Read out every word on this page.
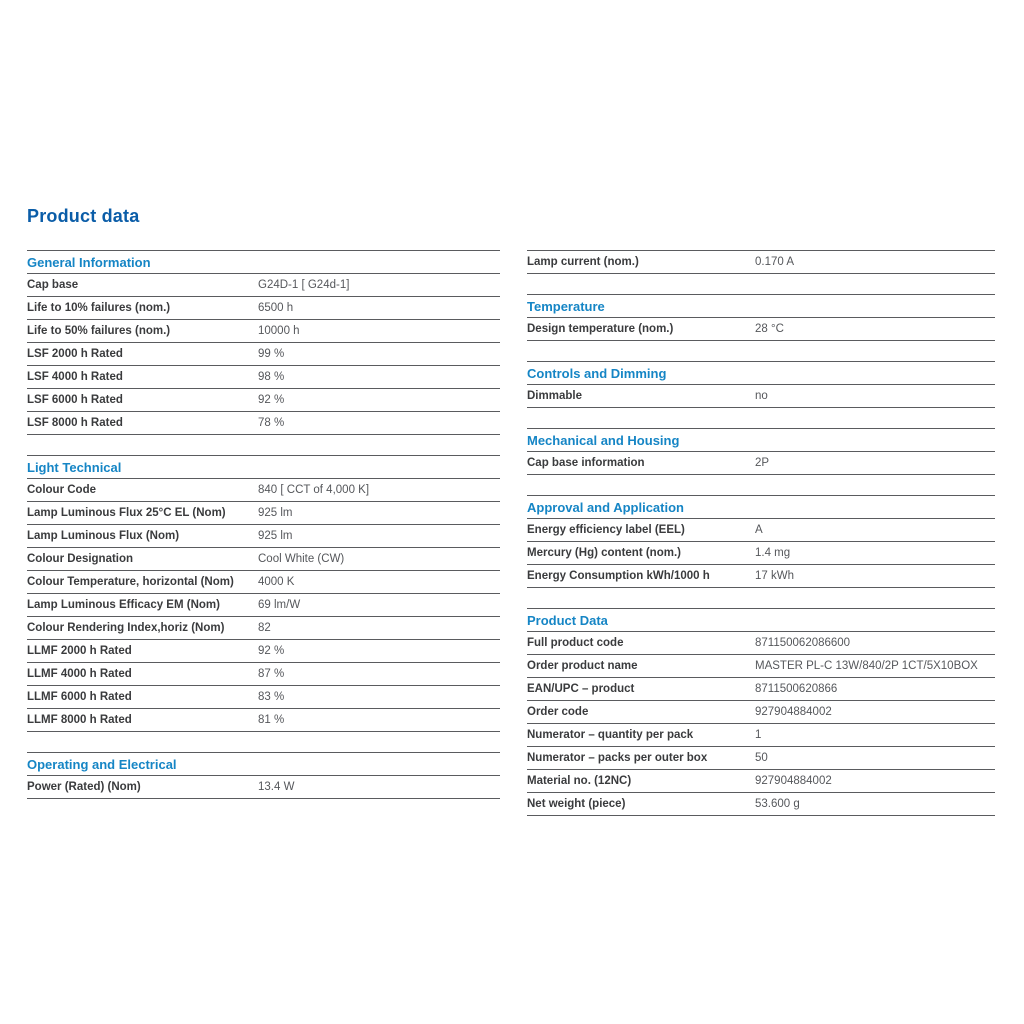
Product data
General Information
Cap base	G24D-1 [ G24d-1]
Life to 10% failures (nom.)	6500 h
Life to 50% failures (nom.)	10000 h
LSF 2000 h Rated	99 %
LSF 4000 h Rated	98 %
LSF 6000 h Rated	92 %
LSF 8000 h Rated	78 %
Light Technical
Colour Code	840 [ CCT of 4,000 K]
Lamp Luminous Flux 25°C EL (Nom)	925 lm
Lamp Luminous Flux (Nom)	925 lm
Colour Designation	Cool White (CW)
Colour Temperature, horizontal (Nom)	4000 K
Lamp Luminous Efficacy EM (Nom)	69 lm/W
Colour Rendering Index,horiz (Nom)	82
LLMF 2000 h Rated	92 %
LLMF 4000 h Rated	87 %
LLMF 6000 h Rated	83 %
LLMF 8000 h Rated	81 %
Operating and Electrical
Power (Rated) (Nom)	13.4 W
Lamp current (nom.)	0.170 A
Temperature
Design temperature (nom.)	28 °C
Controls and Dimming
Dimmable	no
Mechanical and Housing
Cap base information	2P
Approval and Application
Energy efficiency label (EEL)	A
Mercury (Hg) content (nom.)	1.4 mg
Energy Consumption kWh/1000 h	17 kWh
Product Data
Full product code	871150062086600
Order product name	MASTER PL-C 13W/840/2P 1CT/5X10BOX
EAN/UPC – product	8711500620866
Order code	927904884002
Numerator – quantity per pack	1
Numerator – packs per outer box	50
Material no. (12NC)	927904884002
Net weight (piece)	53.600 g
